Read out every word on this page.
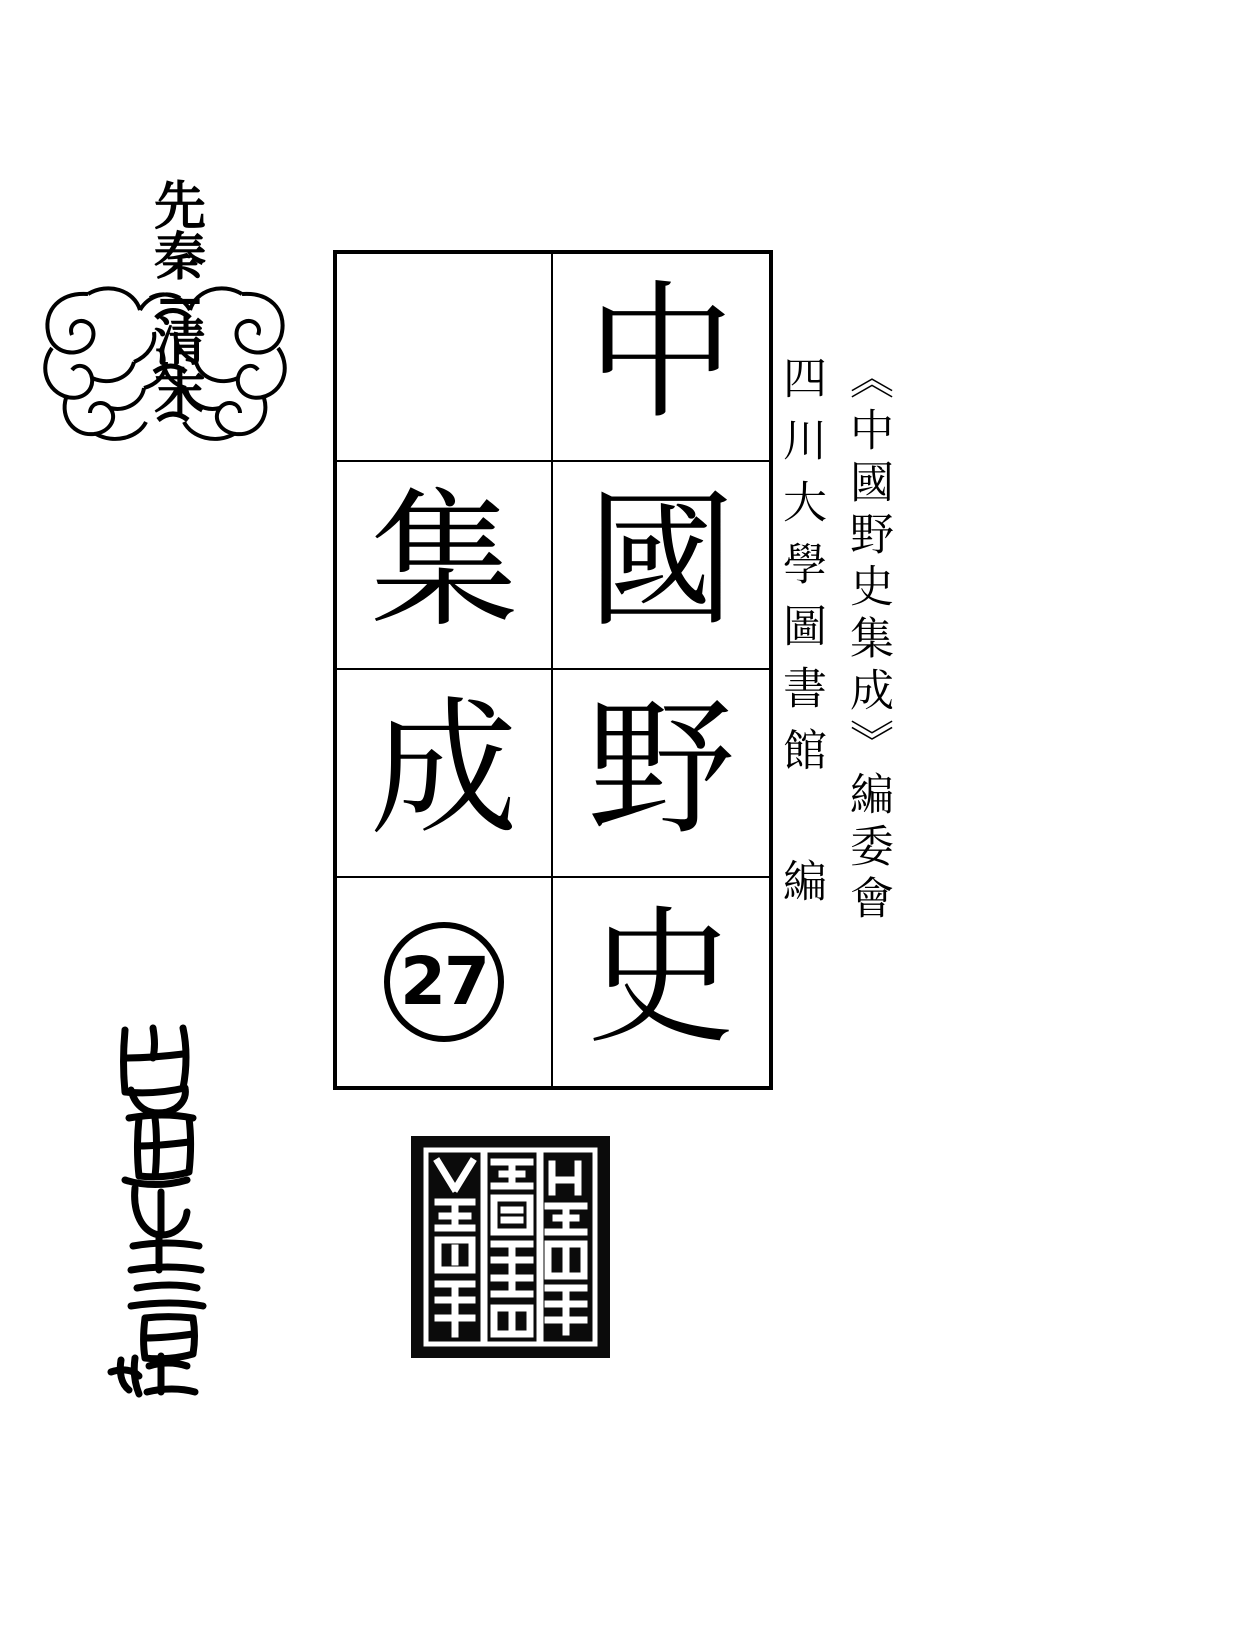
先
秦
—
清
末	中
集 國
成 野
27 史
《中國野史集成》編委會
四川大學圖書館 編
